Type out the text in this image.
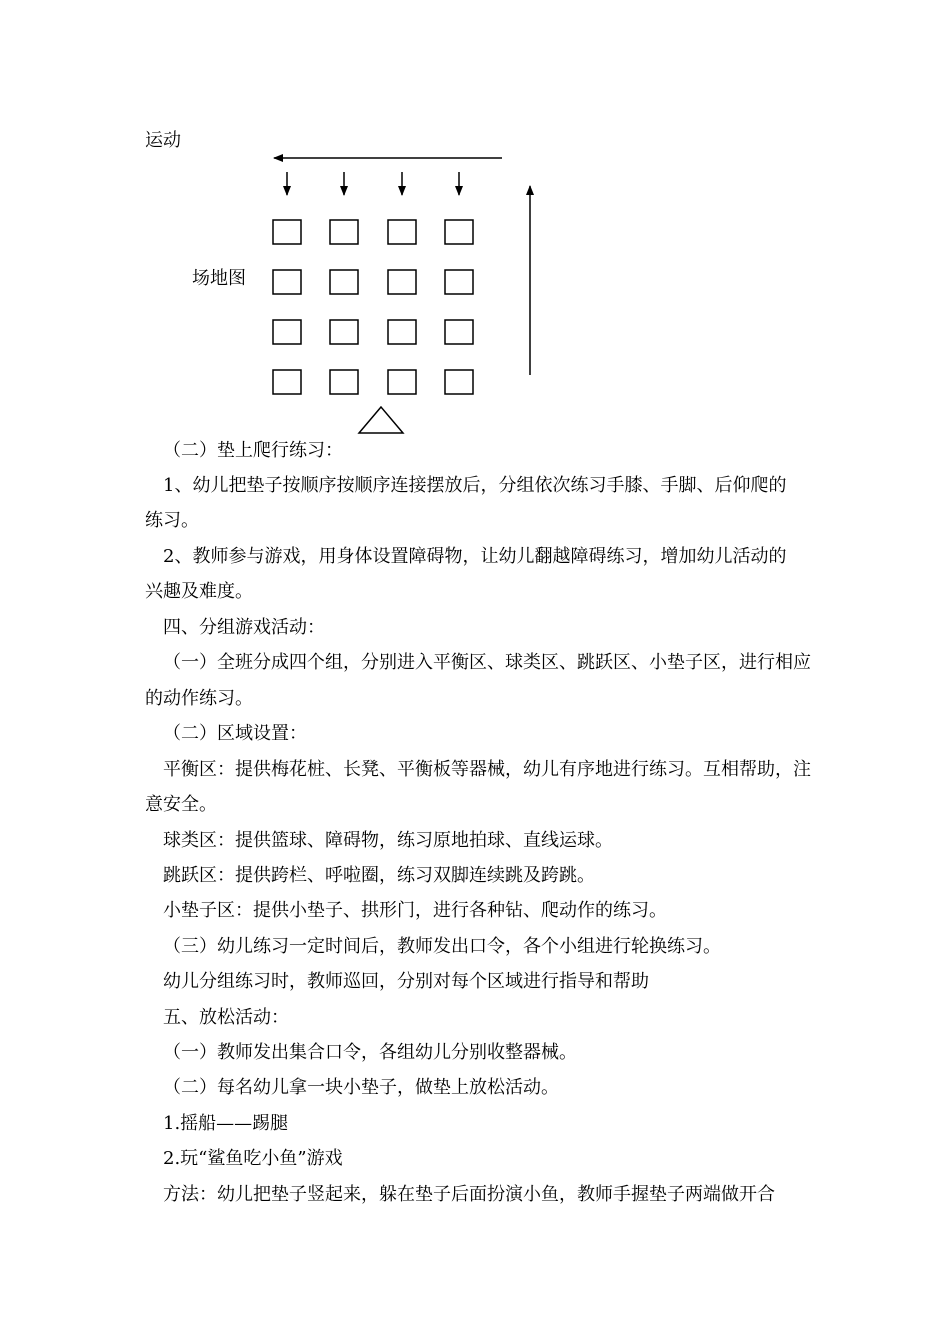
运动
场地图
（二）垫上爬行练习：
1、幼儿把垫子按顺序按顺序连接摆放后，分组依次练习手膝、手脚、后仰爬的
练习。
2、教师参与游戏，用身体设置障碍物，让幼儿翻越障碍练习，增加幼儿活动的
兴趣及难度。
四、分组游戏活动：
（一）全班分成四个组，分别进入平衡区、球类区、跳跃区、小垫子区，进行相应
的动作练习。
（二）区域设置：
平衡区：提供梅花桩、长凳、平衡板等器械，幼儿有序地进行练习。互相帮助，注
意安全。
球类区：提供篮球、障碍物，练习原地拍球、直线运球。
跳跃区：提供跨栏、呼啦圈，练习双脚连续跳及跨跳。
小垫子区：提供小垫子、拱形门，进行各种钻、爬动作的练习。
（三）幼儿练习一定时间后，教师发出口令，各个小组进行轮换练习。
幼儿分组练习时，教师巡回，分别对每个区域进行指导和帮助
五、放松活动：
（一）教师发出集合口令，各组幼儿分别收整器械。
（二）每名幼儿拿一块小垫子，做垫上放松活动。
1.摇船——踢腿
2.玩“鲨鱼吃小鱼”游戏
方法：幼儿把垫子竖起来，躲在垫子后面扮演小鱼，教师手握垫子两端做开合
